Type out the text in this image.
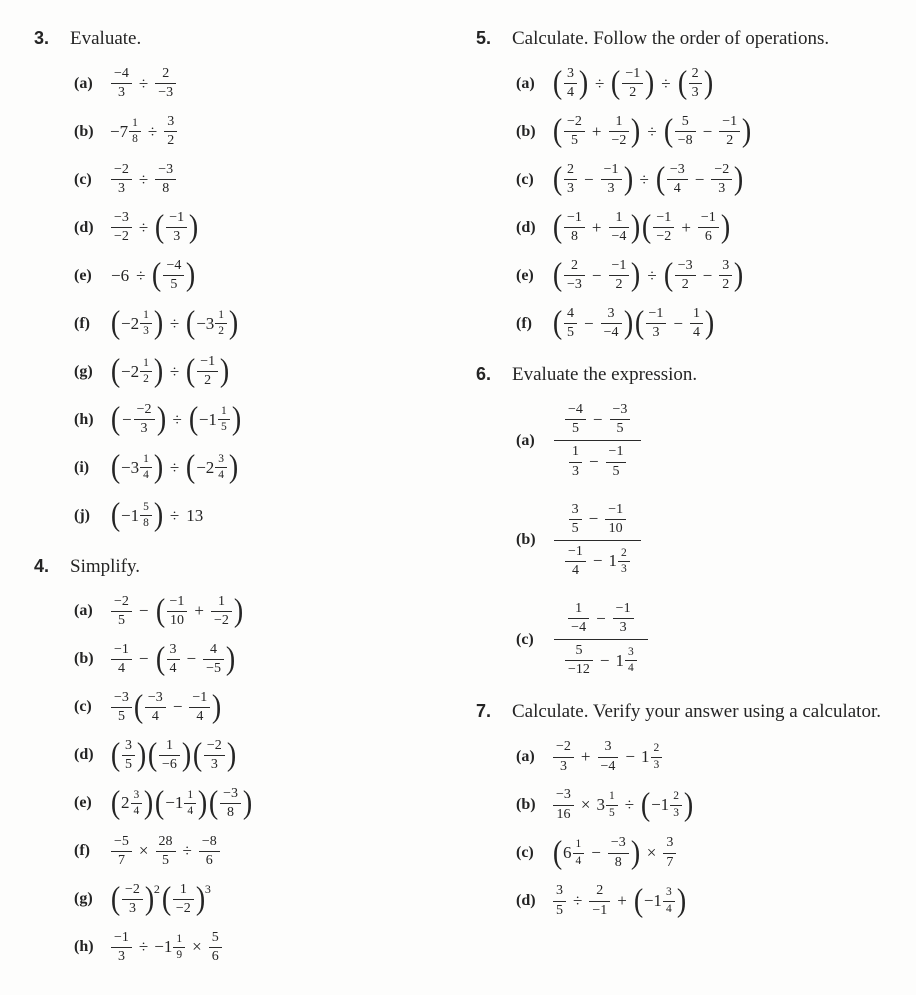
3.	Evaluate.
(a)	$\frac{-4}{3} \div \frac{2}{-3}$
$(b) -7 \frac{1}{8} \div \frac{3}{2}$
(c)	$\frac{-2}{3} \div \frac{-3}{8}$
(d)	$\frac{-3}{-2}$ ÷ ( $\frac{-1}{3}$ )
(e)	−6 ÷ ( $\frac{-4}{5}$ )
(f) ( $-2 \frac{1}{3}$ ) ÷ ( $-3 \frac{1}{2}$ )
(g) ( $-2 \frac{1}{2}$ ) ÷ ( $\frac{-1}{2}$ )
(h) ( − $\frac{-2}{3}$ ) ÷ ( $-1 \frac{1}{5}$ )
(i) ( $-3 \frac{1}{4}$ ) ÷ ( $-2 \frac{3}{4}$ )
(j) ( $-1 \frac{5}{8}$ ) ÷ 13
4.	Simplify.
(a)	$\frac{-2}{5}$ − ( $\frac{-1}{10} + \frac{1}{-2}$ )
(b)	$\frac{-1}{4}$ − ( $\frac{3}{4} - \frac{4}{-5}$ )
(c)	$\frac{-3}{5}$ ( $\frac{-3}{4} - \frac{-1}{4}$ )
(d) ( $\frac{3}{5}$ ) ( $\frac{1}{-6}$ ) ( $\frac{-2}{3}$ )
(e) ( $2 \frac{3}{4}$ ) ( $-1 \frac{1}{4}$ ) ( $\frac{-3}{8}$ )
(f)	$\frac{-5}{7} \times \frac{28}{5} \div \frac{-8}{6}$
(g) ( $\frac{-2}{3}$ ) 2 ( $\frac{1}{-2}$ ) 3
(h)	$\frac{-1}{3} \div -1 \frac{1}{9} \times \frac{5}{6}$
5.	Calculate. Follow the order of operations.
(a) ( $\frac{3}{4}$ ) ÷ ( $\frac{-1}{2}$ ) ÷ ( $\frac{2}{3}$ )
(b) ( $\frac{-2}{5} + \frac{1}{-2}$ ) ÷ ( $\frac{5}{-8} - \frac{-1}{2}$ )
(c) ( $\frac{2}{3} - \frac{-1}{3}$ ) ÷ ( $\frac{-3}{4} - \frac{-2}{3}$ )
(d) ( $\frac{-1}{8} + \frac{1}{-4}$ ) ( $\frac{-1}{-2} + \frac{-1}{6}$ )
(e) ( $\frac{2}{-3} - \frac{-1}{2}$ ) ÷ ( $\frac{-3}{2} - \frac{3}{2}$ )
(f) ( $\frac{4}{5} - \frac{3}{-4}$ ) ( $\frac{-1}{3} - \frac{1}{4}$ )
6.	Evaluate the expression.
(a)	$\frac{\frac{-4}{5} - \frac{-3}{5}}{\frac{1}{3} - \frac{-1}{5}}$
(b)	$\frac{\frac{3}{5} - \frac{-1}{10}}{\frac{-1}{4} - 1 \frac{2}{3}}$
(c)	$\frac{\frac{1}{-4} - \frac{-1}{3}}{\frac{5}{-12} - 1 \frac{3}{4}}$
7.	Calculate. Verify your answer using a calculator.
(a)	$\frac{-2}{3} + \frac{3}{-4} - 1 \frac{2}{3}$
(b)	$\frac{-3}{16} \times 3 \frac{1}{5}$ ÷ ( $-1 \frac{2}{3}$ )
(c) ( $6 \frac{1}{4} - \frac{-3}{8}$ ) × $\frac{3}{7}$
(d)	$\frac{3}{5} \div \frac{2}{-1}$ + ( $-1 \frac{3}{4}$ )
